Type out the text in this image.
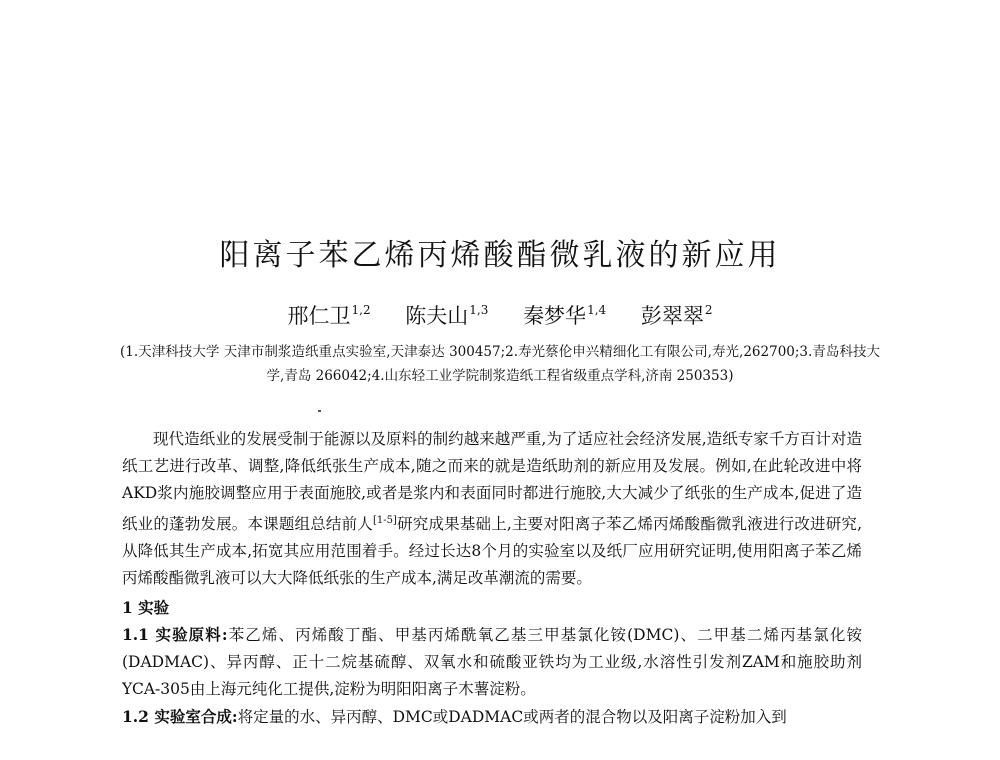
阳离子苯乙烯丙烯酸酯微乳液的新应用
邢仁卫$^{1,2}$ 陈夫山$^{1,3}$ 秦梦华$^{1,4}$ 彭翠翠$^2$
(1.天津科技大学 天津市制浆造纸重点实验室,天津泰达 300457;2.寿光蔡伦申兴精细化工有限公司,寿光,262700;3.青岛科技大学,青岛 266042;4.山东轻工业学院制浆造纸工程省级重点学科,济南 250353)

现代造纸业的发展受制于能源以及原料的制约越来越严重,为了适应社会经济发展,造纸专家千方百计对造纸工艺进行改革、调整,降低纸张生产成本,随之而来的就是造纸助剂的新应用及发展。例如,在此轮改进中将AKD浆内施胶调整应用于表面施胶,或者是浆内和表面同时都进行施胶,大大减少了纸张的生产成本,促进了造纸业的蓬勃发展。本课题组总结前人[1-5]研究成果基础上,主要对阳离子苯乙烯丙烯酸酯微乳液进行改进研究,从降低其生产成本,拓宽其应用范围着手。经过长达8个月的实验室以及纸厂应用研究证明,使用阳离子苯乙烯丙烯酸酯微乳液可以大大降低纸张的生产成本,满足改革潮流的需要。

1 实验

1.1 实验原料:苯乙烯、丙烯酸丁酯、甲基丙烯酰氧乙基三甲基氯化铵(DMC)、二甲基二烯丙基氯化铵(DADMAC)、异丙醇、正十二烷基硫醇、双氧水和硫酸亚铁均为工业级,水溶性引发剂ZAM和施胶助剂YCA-305由上海元纯化工提供,淀粉为明阳阳离子木薯淀粉。

1.2 实验室合成:将定量的水、异丙醇、DMC或DADMAC或两者的混合物以及阳离子淀粉加入到
